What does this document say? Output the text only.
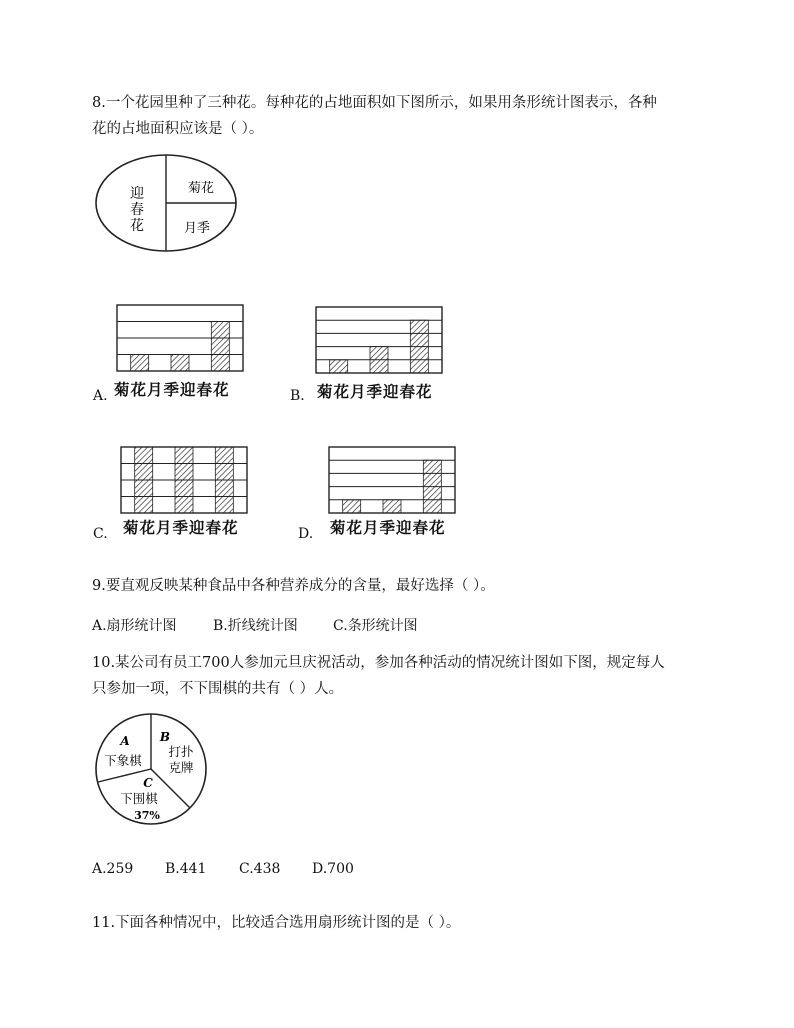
8.一个花园里种了三种花。每种花的占地面积如下图所示，如果用条形统计图表示，各种
花的占地面积应该是（ ）。
迎
春
花
菊花
月季
菊花月季迎春花
A.	菊花月季迎春花
B.
菊花月季迎春花
C.	菊花月季迎春花
D.
9.要直观反映某种食品中各种营养成分的含量，最好选择（ ）。
A.扇形统计图	B.折线统计图	C.条形统计图
10.某公司有员工700人参加元旦庆祝活动，参加各种活动的情况统计图如下图，规定每人
只参加一项，不下围棋的共有（ ）人。
A
下象棋
B
打扑
克牌
C
下围棋
37%
A.259	B.441	C.438	D.700
11.下面各种情况中，比较适合选用扇形统计图的是（ ）。
